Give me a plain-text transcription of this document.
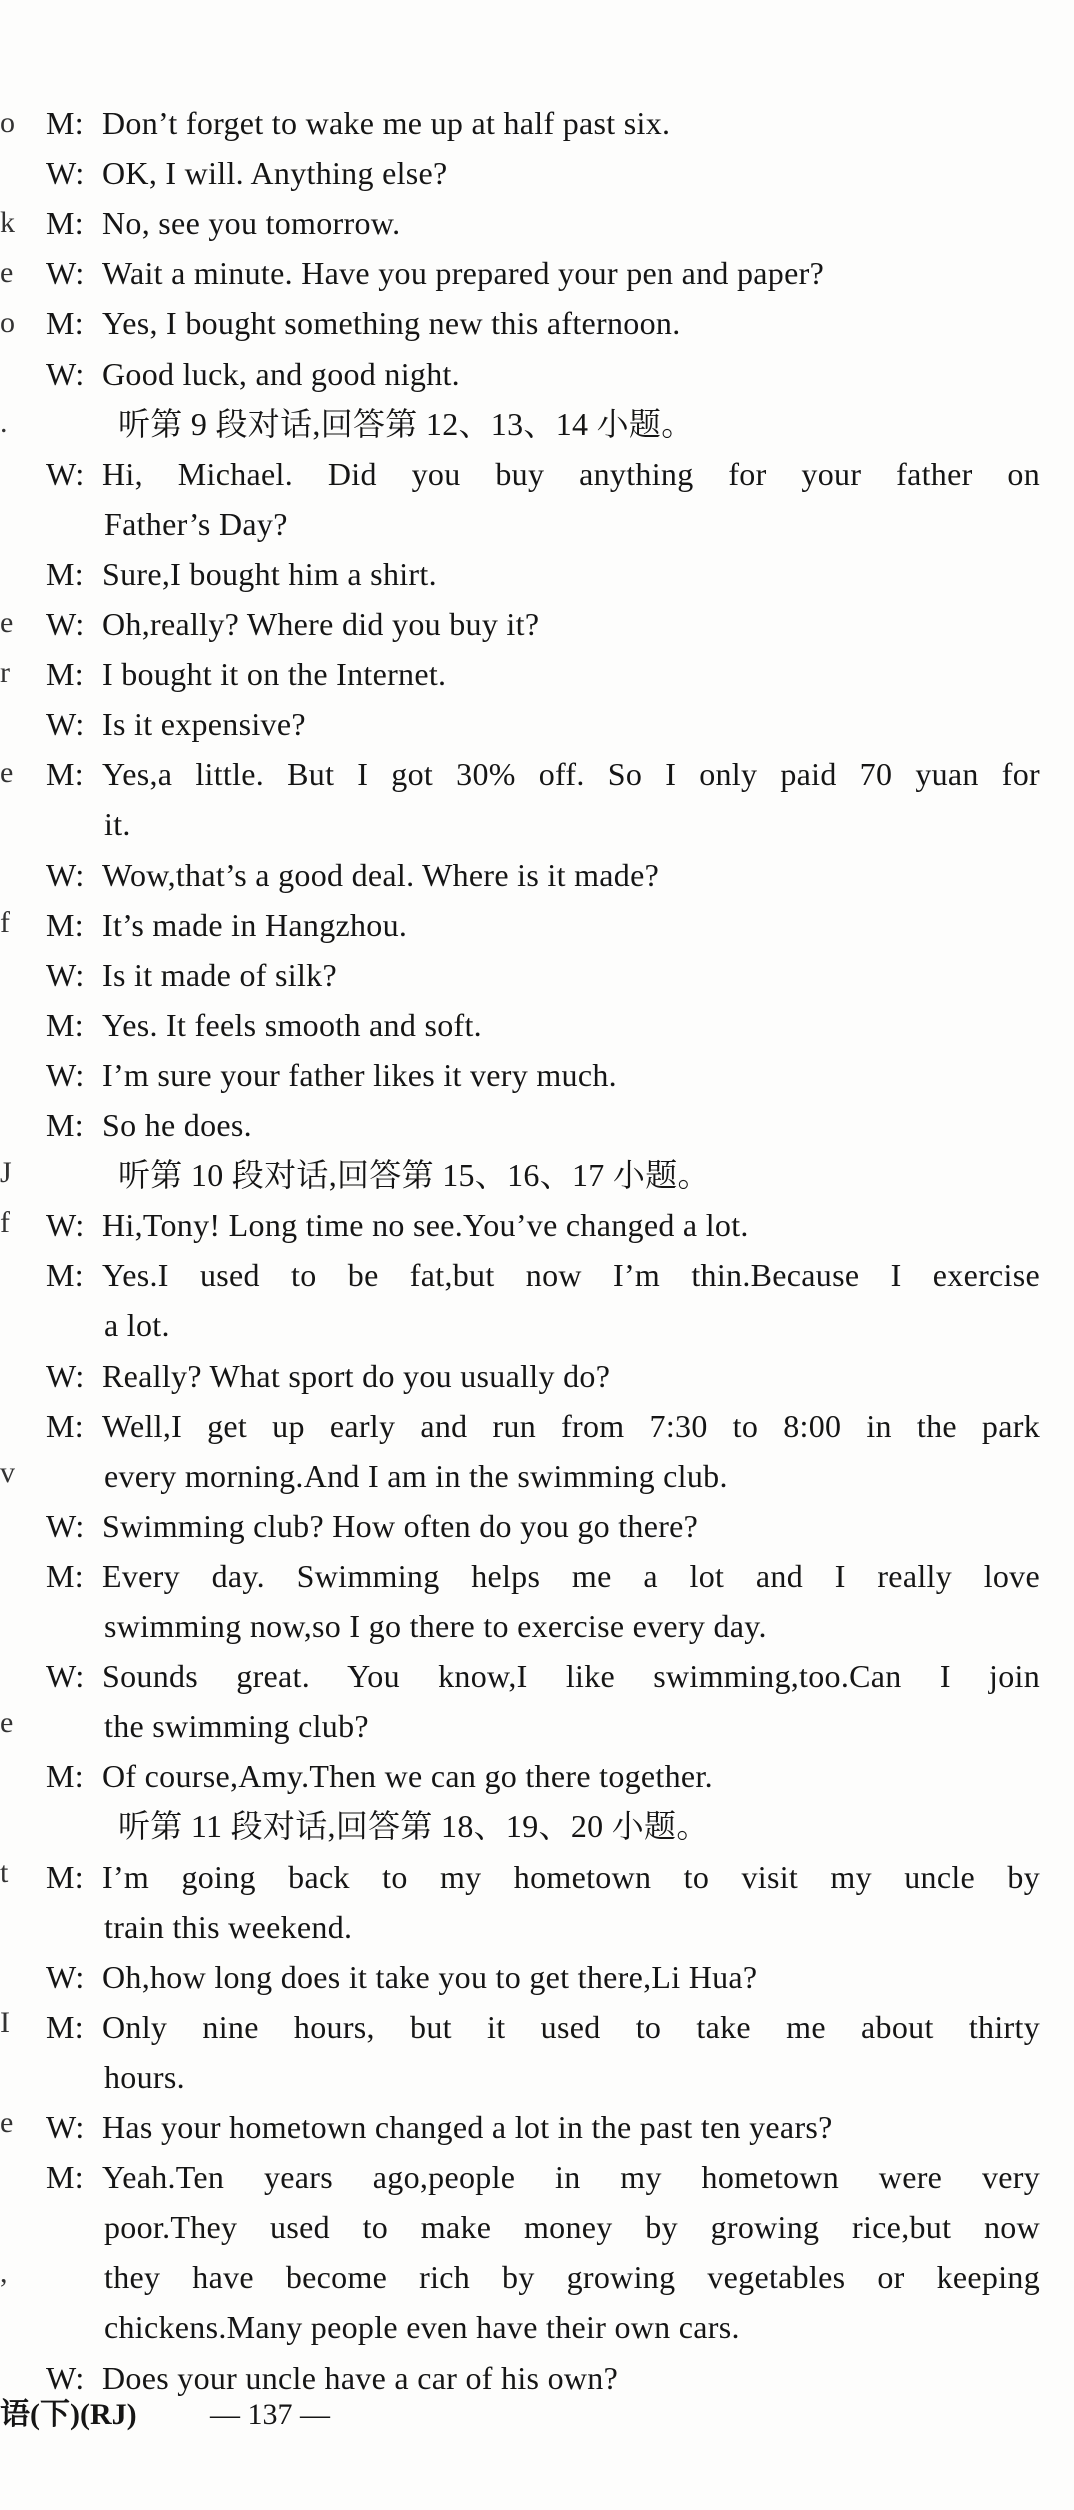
o
k
e
o
.
e
r
e
f
J
f
v
e
t
I
e
,
M: Don’t forget to wake me up at half past six.
W: OK, I will. Anything else?
M: No, see you tomorrow.
W: Wait a minute. Have you prepared your pen and paper?
M: Yes, I bought something new this afternoon.
W: Good luck, and good night.
听第 9 段对话,回答第 12、13、14 小题。
W: Hi, Michael. Did you buy anything for your father on
Father’s Day?
M: Sure,I bought him a shirt.
W: Oh,really? Where did you buy it?
M: I bought it on the Internet.
W: Is it expensive?
M: Yes,a little. But I got 30% off. So I only paid 70 yuan for
it.
W: Wow,that’s a good deal. Where is it made?
M: It’s made in Hangzhou.
W: Is it made of silk?
M: Yes. It feels smooth and soft.
W: I’m sure your father likes it very much.
M: So he does.
听第 10 段对话,回答第 15、16、17 小题。
W: Hi,Tony! Long time no see.You’ve changed a lot.
M: Yes.I used to be fat,but now I’m thin.Because I exercise
a lot.
W: Really? What sport do you usually do?
M: Well,I get up early and run from 7:30 to 8:00 in the park
every morning.And I am in the swimming club.
W: Swimming club? How often do you go there?
M: Every day. Swimming helps me a lot and I really love
swimming now,so I go there to exercise every day.
W: Sounds great. You know,I like swimming,too.Can I join
the swimming club?
M: Of course,Amy.Then we can go there together.
听第 11 段对话,回答第 18、19、20 小题。
M: I’m going back to my hometown to visit my uncle by
train this weekend.
W: Oh,how long does it take you to get there,Li Hua?
M: Only nine hours, but it used to take me about thirty
hours.
W: Has your hometown changed a lot in the past ten years?
M: Yeah.Ten years ago,people in my hometown were very
poor.They used to make money by growing rice,but now
they have become rich by growing vegetables or keeping
chickens.Many people even have their own cars.
W: Does your uncle have a car of his own?
语(下)(RJ) — 137 —
